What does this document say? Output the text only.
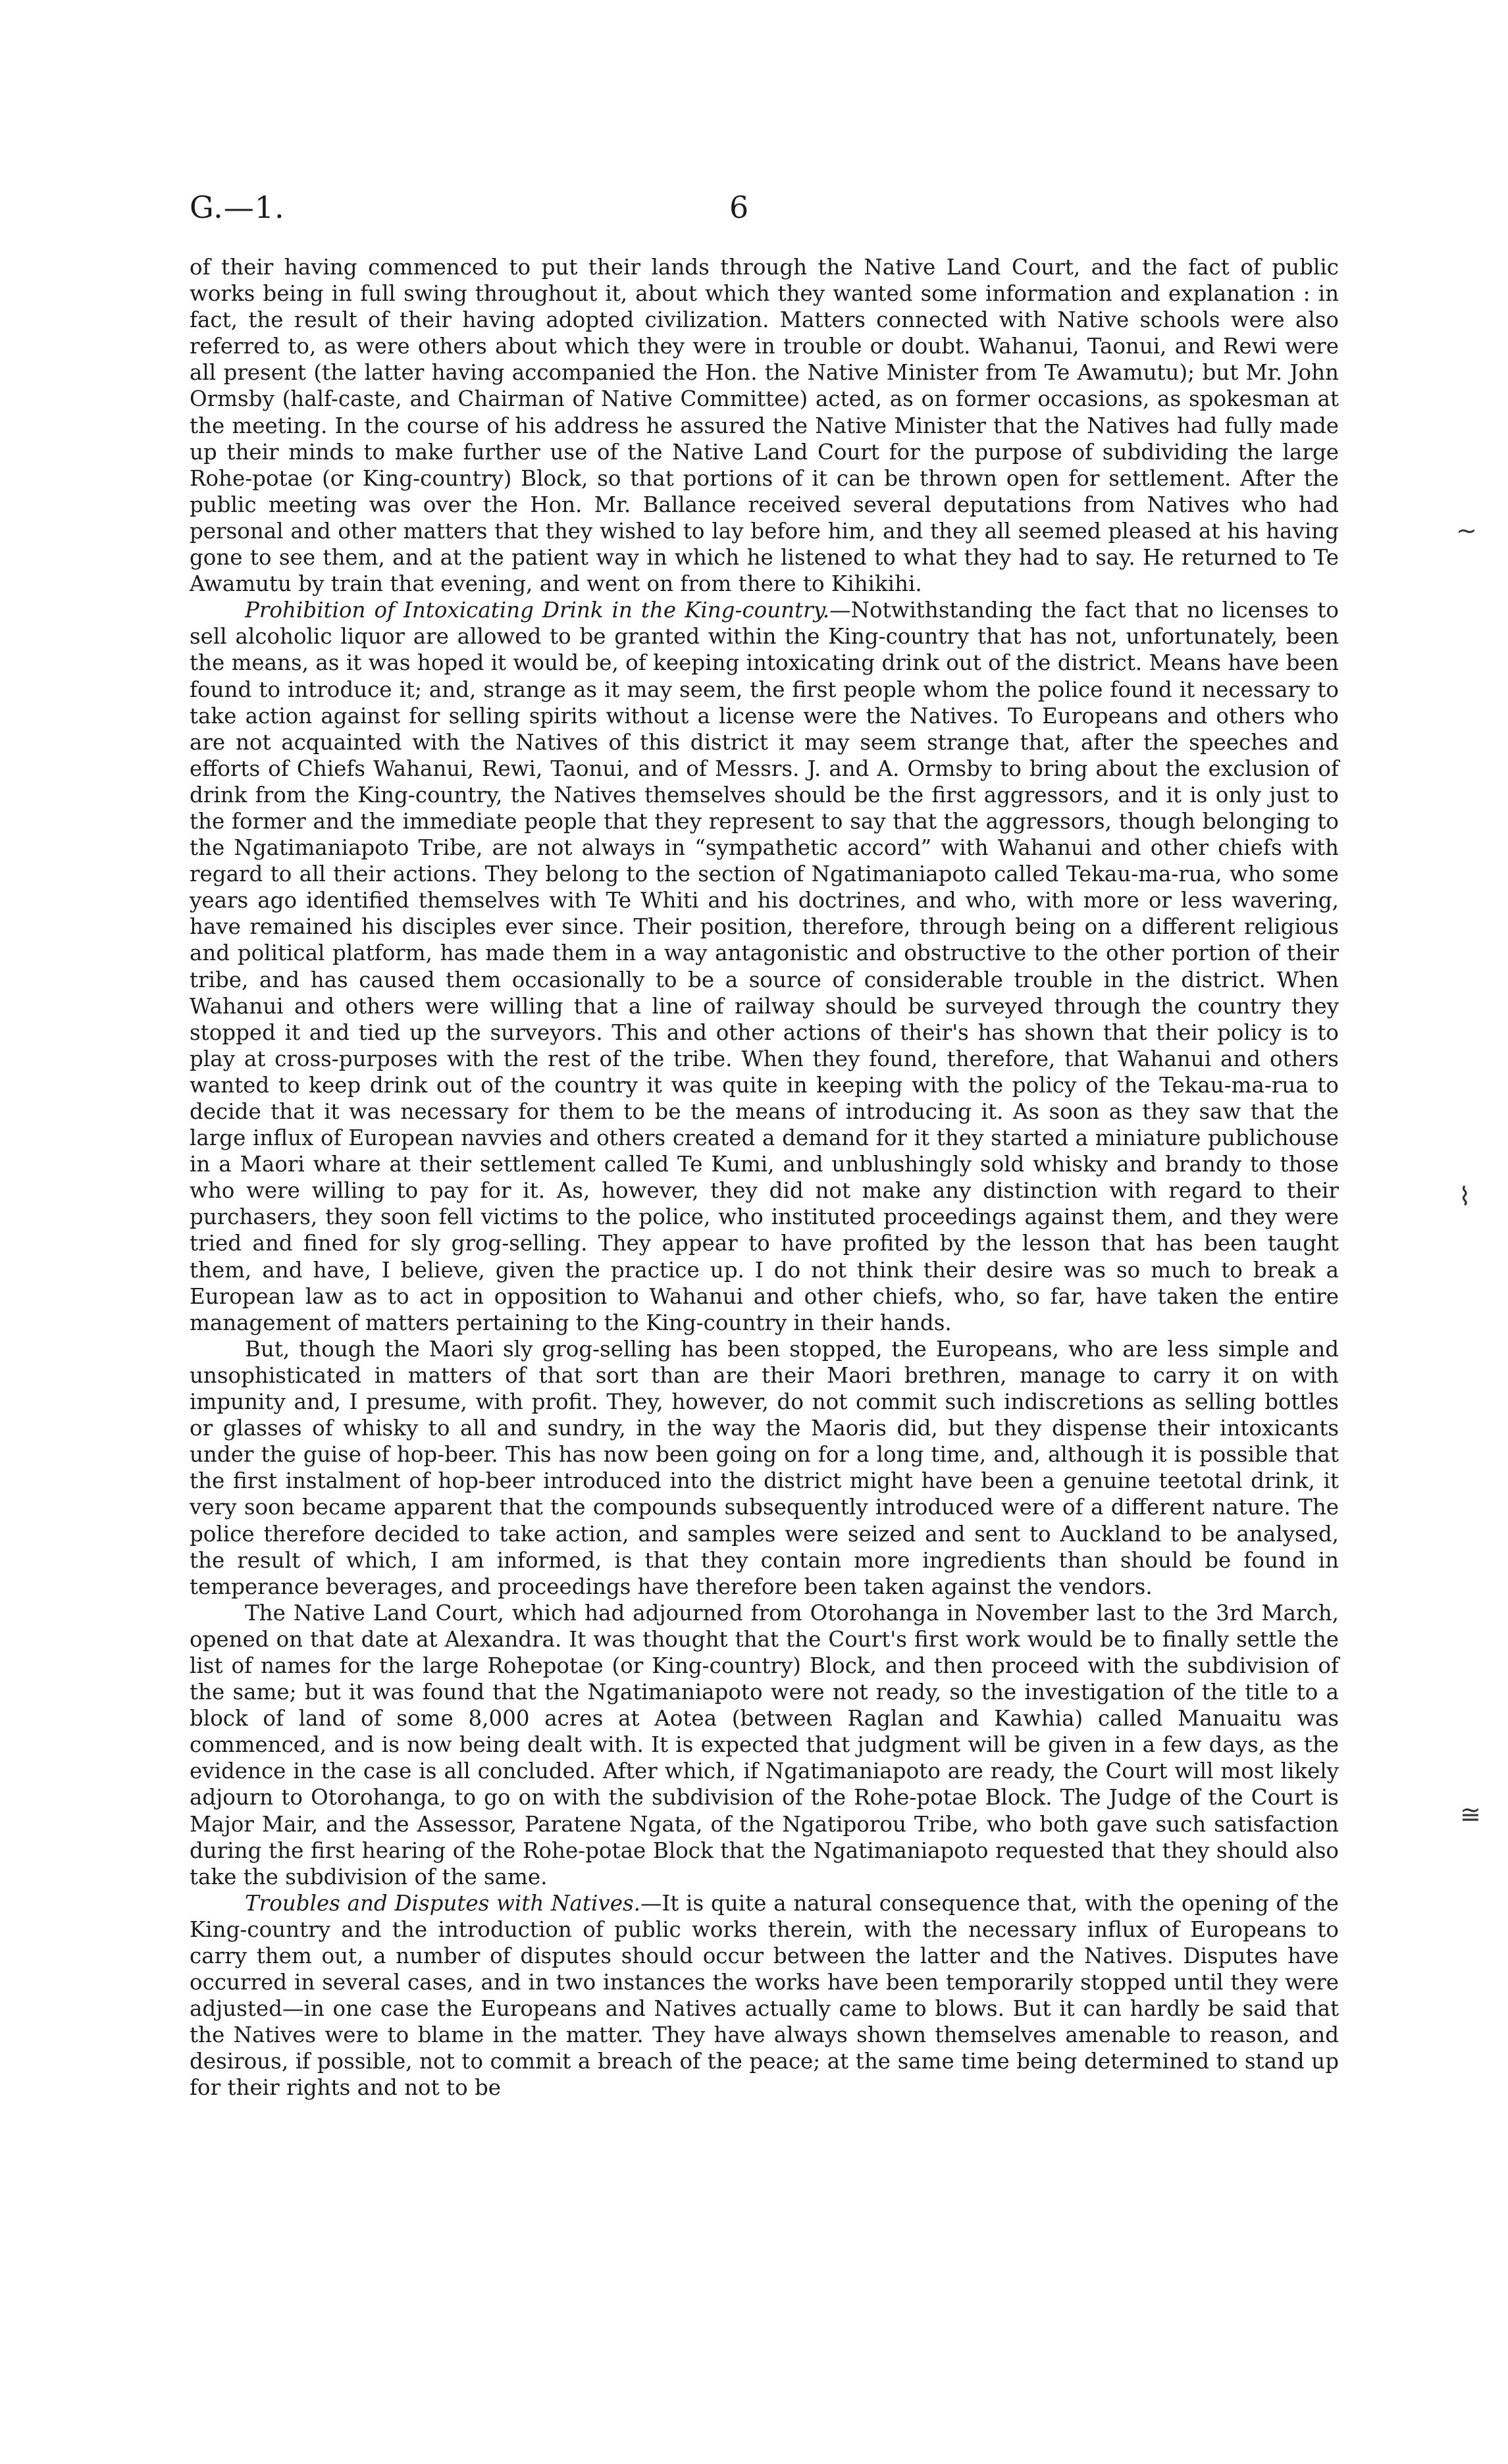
G.—1.	6

of their having commenced to put their lands through the Native Land Court, and the fact of public works being in full swing throughout it, about which they wanted some information and explanation : in fact, the result of their having adopted civilization. Matters connected with Native schools were also referred to, as were others about which they were in trouble or doubt. Wahanui, Taonui, and Rewi were all present (the latter having accompanied the Hon. the Native Minister from Te Awamutu); but Mr. John Ormsby (half-caste, and Chairman of Native Committee) acted, as on former occasions, as spokesman at the meeting. In the course of his address he assured the Native Minister that the Natives had fully made up their minds to make further use of the Native Land Court for the purpose of subdividing the large Rohe-potae (or King-country) Block, so that portions of it can be thrown open for settlement. After the public meeting was over the Hon. Mr. Ballance received several deputations from Natives who had personal and other matters that they wished to lay before him, and they all seemed pleased at his having gone to see them, and at the patient way in which he listened to what they had to say. He returned to Te Awamutu by train that evening, and went on from there to Kihikihi.

Prohibition of Intoxicating Drink in the King-country.—Notwithstanding the fact that no licenses to sell alcoholic liquor are allowed to be granted within the King-country that has not, unfortunately, been the means, as it was hoped it would be, of keeping intoxicating drink out of the district. Means have been found to introduce it; and, strange as it may seem, the first people whom the police found it necessary to take action against for selling spirits without a license were the Natives. To Europeans and others who are not acquainted with the Natives of this district it may seem strange that, after the speeches and efforts of Chiefs Wahanui, Rewi, Taonui, and of Messrs. J. and A. Ormsby to bring about the exclusion of drink from the King-country, the Natives themselves should be the first aggressors, and it is only just to the former and the immediate people that they represent to say that the aggressors, though belonging to the Ngatimaniapoto Tribe, are not always in “sympathetic accord” with Wahanui and other chiefs with regard to all their actions. They belong to the section of Ngatimaniapoto called Tekau-ma-rua, who some years ago identified themselves with Te Whiti and his doctrines, and who, with more or less wavering, have remained his disciples ever since. Their position, therefore, through being on a different religious and political platform, has made them in a way antagonistic and obstructive to the other portion of their tribe, and has caused them occasionally to be a source of considerable trouble in the district. When Wahanui and others were willing that a line of railway should be surveyed through the country they stopped it and tied up the surveyors. This and other actions of their's has shown that their policy is to play at cross-purposes with the rest of the tribe. When they found, therefore, that Wahanui and others wanted to keep drink out of the country it was quite in keeping with the policy of the Tekau-ma-rua to decide that it was necessary for them to be the means of introducing it. As soon as they saw that the large influx of European navvies and others created a demand for it they started a miniature publichouse in a Maori whare at their settlement called Te Kumi, and unblushingly sold whisky and brandy to those who were willing to pay for it. As, however, they did not make any distinction with regard to their purchasers, they soon fell victims to the police, who instituted proceedings against them, and they were tried and fined for sly grog-selling. They appear to have profited by the lesson that has been taught them, and have, I believe, given the practice up. I do not think their desire was so much to break a European law as to act in opposition to Wahanui and other chiefs, who, so far, have taken the entire management of matters pertaining to the King-country in their hands.

But, though the Maori sly grog-selling has been stopped, the Europeans, who are less simple and unsophisticated in matters of that sort than are their Maori brethren, manage to carry it on with impunity and, I presume, with profit. They, however, do not commit such indiscretions as selling bottles or glasses of whisky to all and sundry, in the way the Maoris did, but they dispense their intoxicants under the guise of hop-beer. This has now been going on for a long time, and, although it is possible that the first instalment of hop-beer introduced into the district might have been a genuine teetotal drink, it very soon became apparent that the compounds subsequently introduced were of a different nature. The police therefore decided to take action, and samples were seized and sent to Auckland to be analysed, the result of which, I am informed, is that they contain more ingredients than should be found in temperance beverages, and proceedings have therefore been taken against the vendors.

The Native Land Court, which had adjourned from Otorohanga in November last to the 3rd March, opened on that date at Alexandra. It was thought that the Court's first work would be to finally settle the list of names for the large Rohepotae (or King-country) Block, and then proceed with the subdivision of the same; but it was found that the Ngatimaniapoto were not ready, so the investigation of the title to a block of land of some 8,000 acres at Aotea (between Raglan and Kawhia) called Manuaitu was commenced, and is now being dealt with. It is expected that judgment will be given in a few days, as the evidence in the case is all concluded. After which, if Ngatimaniapoto are ready, the Court will most likely adjourn to Otorohanga, to go on with the subdivision of the Rohe-potae Block. The Judge of the Court is Major Mair, and the Assessor, Paratene Ngata, of the Ngatiporou Tribe, who both gave such satisfaction during the first hearing of the Rohe-potae Block that the Ngatimaniapoto requested that they should also take the subdivision of the same.

Troubles and Disputes with Natives.—It is quite a natural consequence that, with the opening of the King-country and the introduction of public works therein, with the necessary influx of Europeans to carry them out, a number of disputes should occur between the latter and the Natives. Disputes have occurred in several cases, and in two instances the works have been temporarily stopped until they were adjusted—in one case the Europeans and Natives actually came to blows. But it can hardly be said that the Natives were to blame in the matter. They have always shown themselves amenable to reason, and desirous, if possible, not to commit a breach of the peace; at the same time being determined to stand up for their rights and not to be

∼
⌇
≅
